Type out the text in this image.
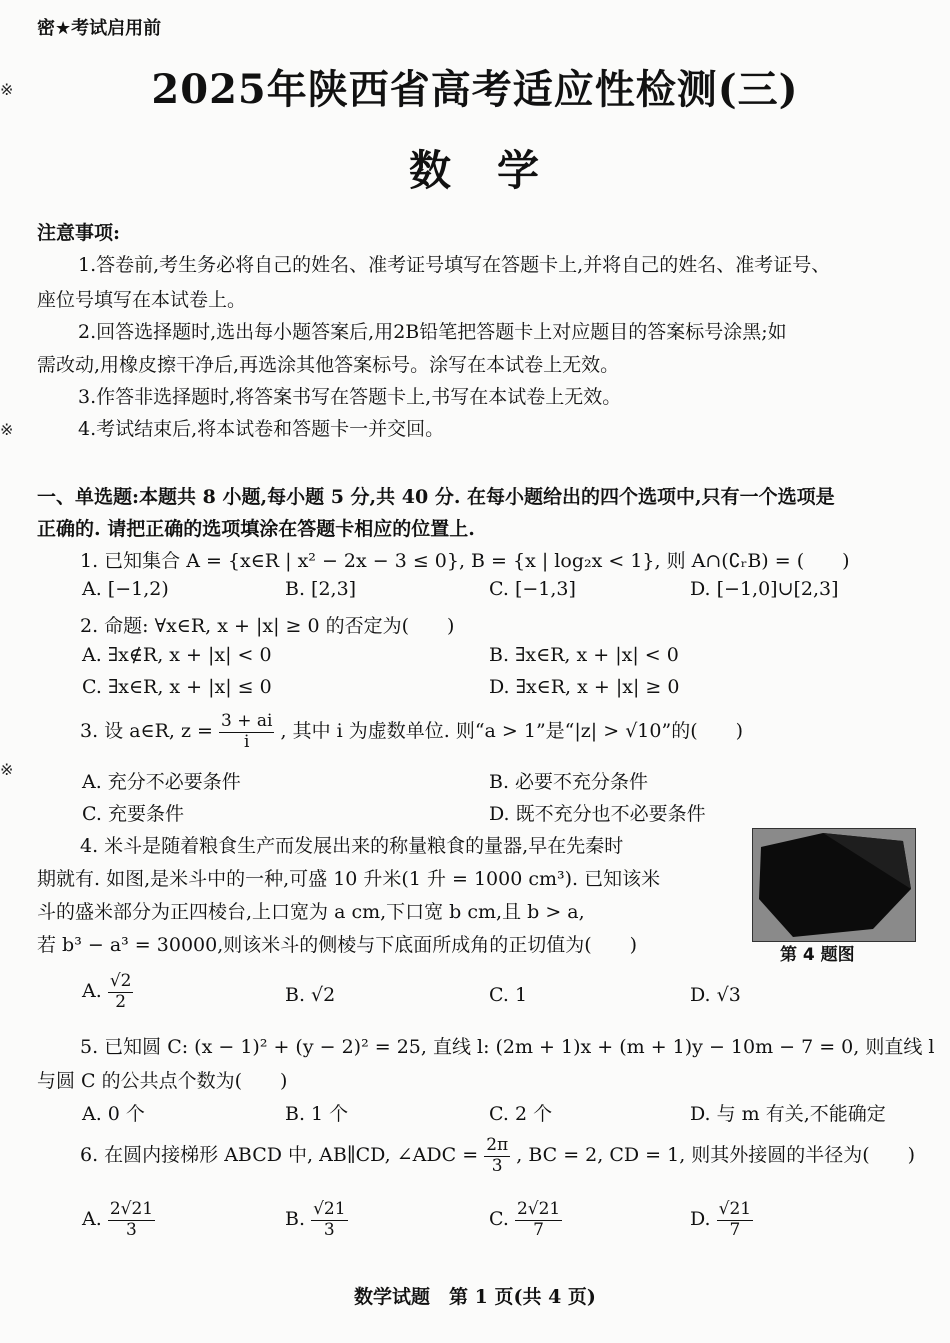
※
※
※
密★考试启用前
2025年陕西省高考适应性检测(三)
数　学
注意事项:
1.答卷前,考生务必将自己的姓名、准考证号填写在答题卡上,并将自己的姓名、准考证号、
座位号填写在本试卷上。
2.回答选择题时,选出每小题答案后,用2B铅笔把答题卡上对应题目的答案标号涂黑;如
需改动,用橡皮擦干净后,再选涂其他答案标号。涂写在本试卷上无效。
3.作答非选择题时,将答案书写在答题卡上,书写在本试卷上无效。
4.考试结束后,将本试卷和答题卡一并交回。
一、单选题:本题共 8 小题,每小题 5 分,共 40 分. 在每小题给出的四个选项中,只有一个选项是
正确的. 请把正确的选项填涂在答题卡相应的位置上.
1. 已知集合 A = {x∈R | x² − 2x − 3 ≤ 0}, B = {x | log₂x < 1}, 则 A∩(∁ᵣB) = (　　)
A. [−1,2)	B. [2,3]	C. [−1,3]	D. [−1,0]∪[2,3]
2. 命题: ∀x∈R, x + |x| ≥ 0 的否定为(　　)
A. ∃x∉R, x + |x| < 0	B. ∃x∈R, x + |x| < 0
C. ∃x∈R, x + |x| ≤ 0	D. ∃x∈R, x + |x| ≥ 0
3. 设 a∈R, $z = \frac{3 + ai}{i}$ , 其中 i 为虚数单位. 则“a > 1”是“|z| > √10”的(　　)
A. 充分不必要条件	B. 必要不充分条件
C. 充要条件	D. 既不充分也不必要条件
4. 米斗是随着粮食生产而发展出来的称量粮食的量器,早在先秦时
期就有. 如图,是米斗中的一种,可盛 10 升米(1 升 = 1000 cm³). 已知该米
斗的盛米部分为正四棱台,上口宽为 a cm,下口宽 b cm,且 b > a,
若 b³ − a³ = 30000,则该米斗的侧棱与下底面所成角的正切值为(　　)	第 4 题图
A. $\frac{√2}{2}$	B. √2	C. 1	D. √3
5. 已知圆 C: (x − 1)² + (y − 2)² = 25, 直线 l: (2m + 1)x + (m + 1)y − 10m − 7 = 0, 则直线 l
与圆 C 的公共点个数为(　　)
A. 0 个	B. 1 个	C. 2 个	D. 与 m 有关,不能确定
6. 在圆内接梯形 ABCD 中, AB∥CD, ∠ADC = $\frac{2\pi}{3}$ , BC = 2, CD = 1, 则其外接圆的半径为(　　)
A. $\frac{2√21}{3}$	B. $\frac{√21}{3}$	C. $\frac{2√21}{7}$	D. $\frac{√21}{7}$
数学试题　第 1 页(共 4 页)
